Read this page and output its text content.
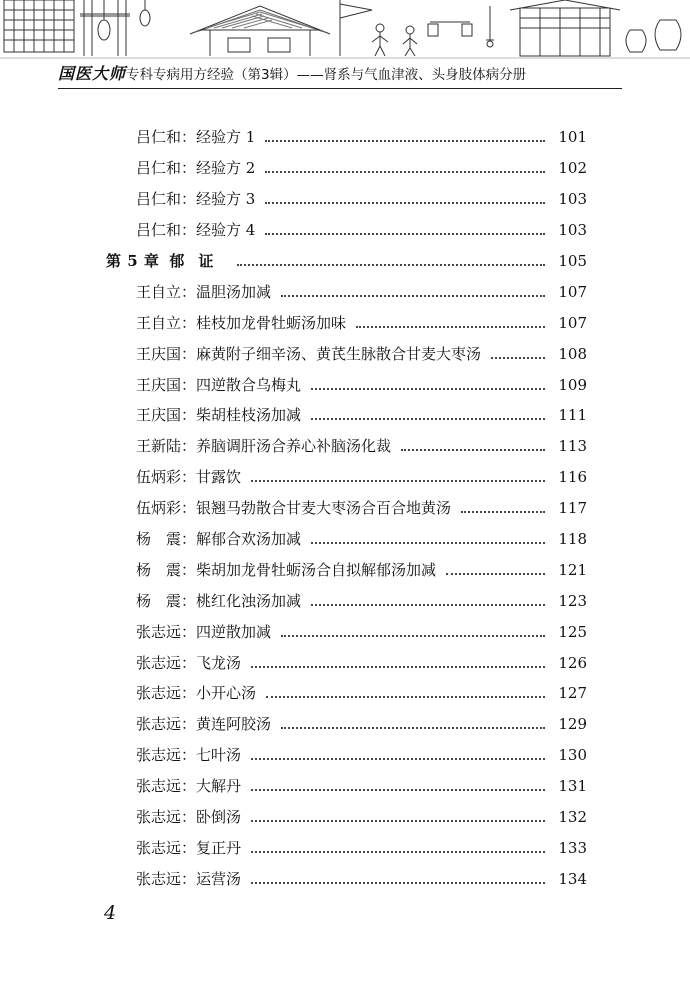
国医大师专科专病用方经验（第3辑）——肾系与气血津液、头身肢体病分册
吕仁和：经验方 1	101
吕仁和：经验方 2	102
吕仁和：经验方 3	103
吕仁和：经验方 4	103
第 5 章 郁证	105
王自立：温胆汤加减	107
王自立：桂枝加龙骨牡蛎汤加味	107
王庆国：麻黄附子细辛汤、黄芪生脉散合甘麦大枣汤	108
王庆国：四逆散合乌梅丸	109
王庆国：柴胡桂枝汤加减	111
王新陆：养脑调肝汤合养心补脑汤化裁	113
伍炳彩：甘露饮	116
伍炳彩：银翘马勃散合甘麦大枣汤合百合地黄汤	117
杨　震：解郁合欢汤加减	118
杨　震：柴胡加龙骨牡蛎汤合自拟解郁汤加减	121
杨　震：桃红化浊汤加减	123
张志远：四逆散加减	125
张志远：飞龙汤	126
张志远：小开心汤	127
张志远：黄连阿胶汤	129
张志远：七叶汤	130
张志远：大解丹	131
张志远：卧倒汤	132
张志远：复正丹	133
张志远：运营汤	134
4
